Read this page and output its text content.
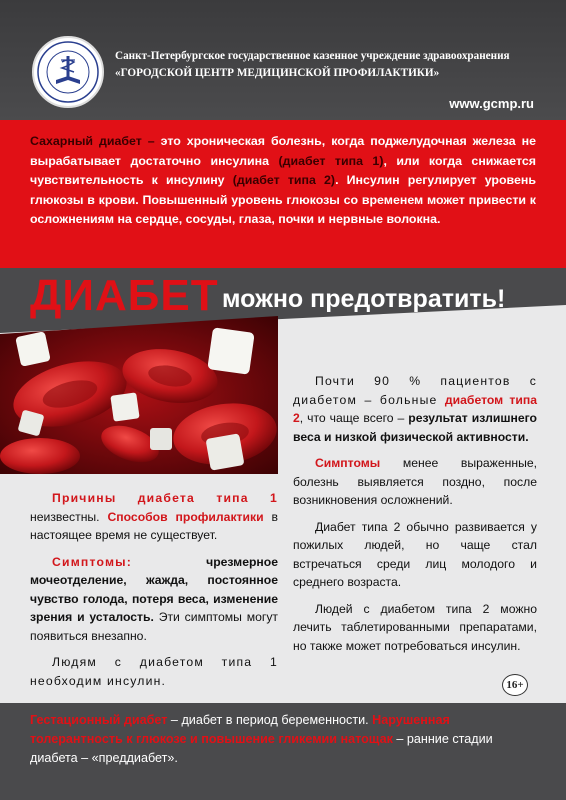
Санкт-Петербургское государственное казенное учреждение здравоохранения
«ГОРОДСКОЙ ЦЕНТР МЕДИЦИНСКОЙ ПРОФИЛАКТИКИ»
www.gcmp.ru
Сахарный диабет – это хроническая болезнь, когда поджелудочная железа не вырабатывает достаточно инсулина (диабет типа 1), или когда снижается чувствительность к инсулину (диабет типа 2). Инсулин регулирует уровень глюкозы в крови. Повышенный уровень глюкозы со временем может привести к осложнениям на сердце, сосуды, глаза, почки и нервные волокна.
ДИАБЕТ можно предотвратить!

Причины диабета типа 1 неизвестны. Способов профилактики в настоящее время не существует.

Симптомы: чрезмерное мочеотделение, жажда, постоянное чувство голода, потеря веса, изменение зрения и усталость. Эти симптомы могут появиться внезапно.

Людям с диабетом типа 1 необходим инсулин.

Почти 90 % пациентов с диабетом – больные диабетом типа 2, что чаще всего – результат излишнего веса и низкой физической активности.

Симптомы менее выраженные, болезнь выявляется поздно, после возникновения осложнений.

Диабет типа 2 обычно развивается у пожилых людей, но чаще стал встречаться среди лиц молодого и среднего возраста.

Людей с диабетом типа 2 можно лечить таблетированными препаратами, но также может потребоваться инсулин.

16+
Гестационный диабет – диабет в период беременности. Нарушенная толерантность к глюкозе и повышение гликемии натощак – ранние стадии диабета – «преддиабет».
